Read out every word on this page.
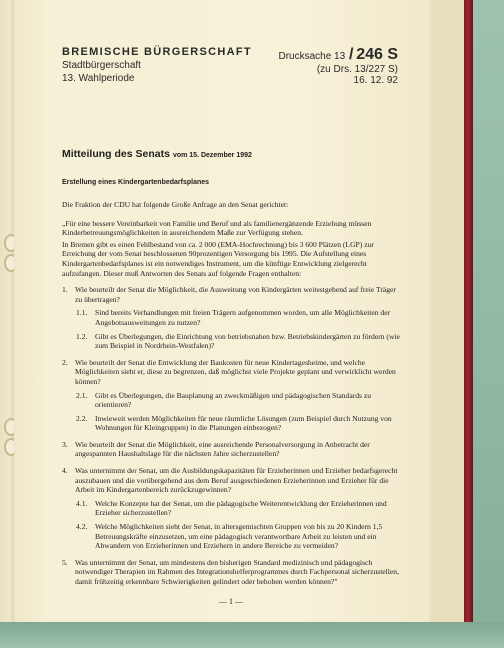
BREMISCHE BÜRGERSCHAFT
Stadtbürgerschaft
13. Wahlperiode
Drucksache 13 / 246 S
(zu Drs. 13/227 S)
16. 12. 92
Mitteilung des Senats vom 15. Dezember 1992
Erstellung eines Kindergartenbedarfsplanes
Die Fraktion der CDU hat folgende Große Anfrage an den Senat gerichtet:
„Für eine bessere Vereinbarkeit von Familie und Beruf und als familienergänzende Erziehung müssen Kinderbetreuungsmöglichkeiten in ausreichendem Maße zur Verfügung stehen.
In Bremen gibt es einen Fehlbestand von ca. 2 000 (EMA-Hochrechnung) bis 3 600 Plätzen (LGP) zur Erreichung der vom Senat beschlossenen 90prozentigen Versorgung bis 1995. Die Aufstellung eines Kindergartenbedarfsplanes ist ein notwendiges Instrument, um die künftige Entwicklung zielgerecht aufzufangen. Dieser muß Antworten des Senats auf folgende Fragen enthalten:
1. Wie beurteilt der Senat die Möglichkeit, die Ausweitung von Kindergärten weitestgehend auf freie Träger zu übertragen?
1.1.	Sind bereits Verhandlungen mit freien Trägern aufgenommen worden, um alle Möglichkeiten der Angebotsausweitungen zu nutzen?
1.2.	Gibt es Überlegungen, die Einrichtung von betriebsnahen bzw. Betriebskindergärten zu fördern (wie zum Beispiel in Nordrhein-Westfalen)?
2. Wie beurteilt der Senat die Entwicklung der Baukosten für neue Kindertagesheime, und welche Möglichkeiten sieht er, diese zu begrenzen, daß möglichst viele Projekte geplant und verwirklicht werden können?
2.1.	Gibt es Überlegungen, die Bauplanung an zweckmäßigen und pädagogischen Standards zu orientieren?
2.2.	Inwieweit werden Möglichkeiten für neue räumliche Lösungen (zum Beispiel durch Nutzung von Wohnungen für Kleingruppen) in die Planungen einbezogen?
3. Wie beurteilt der Senat die Möglichkeit, eine ausreichende Personalversorgung in Anbetracht der angespannten Haushaltslage für die nächsten Jahre sicherzustellen?
4. Was unternimmt der Senat, um die Ausbildungskapazitäten für Erzieherinnen und Erzieher bedarfsgerecht auszubauen und die vorübergehend aus dem Beruf ausgeschiedenen Erzieherinnen und Erzieher für die Arbeit im Kindergartenbereich zurückzugewinnen?
4.1.	Welche Konzepte hat der Senat, um die pädagogische Weiterentwicklung der Erzieherinnen und Erzieher sicherzustellen?
4.2.	Welche Möglichkeiten sieht der Senat, in altersgemischten Gruppen von bis zu 20 Kindern 1,5 Betreuungskräfte einzusetzen, um eine pädagogisch verantwortbare Arbeit zu leisten und ein Abwandern von Erzieherinnen und Erziehern in andere Bereiche zu vermeiden?
5. Was unternimmt der Senat, um mindestens den bisherigen Standard medizinisch und pädagogisch notwendiger Therapien im Rahmen des Integrationshelferprogrammes durch Fachpersonal sicherzustellen, damit frühzeitig erkennbare Schwierigkeiten gelindert oder behoben werden können?"
— 1 —
